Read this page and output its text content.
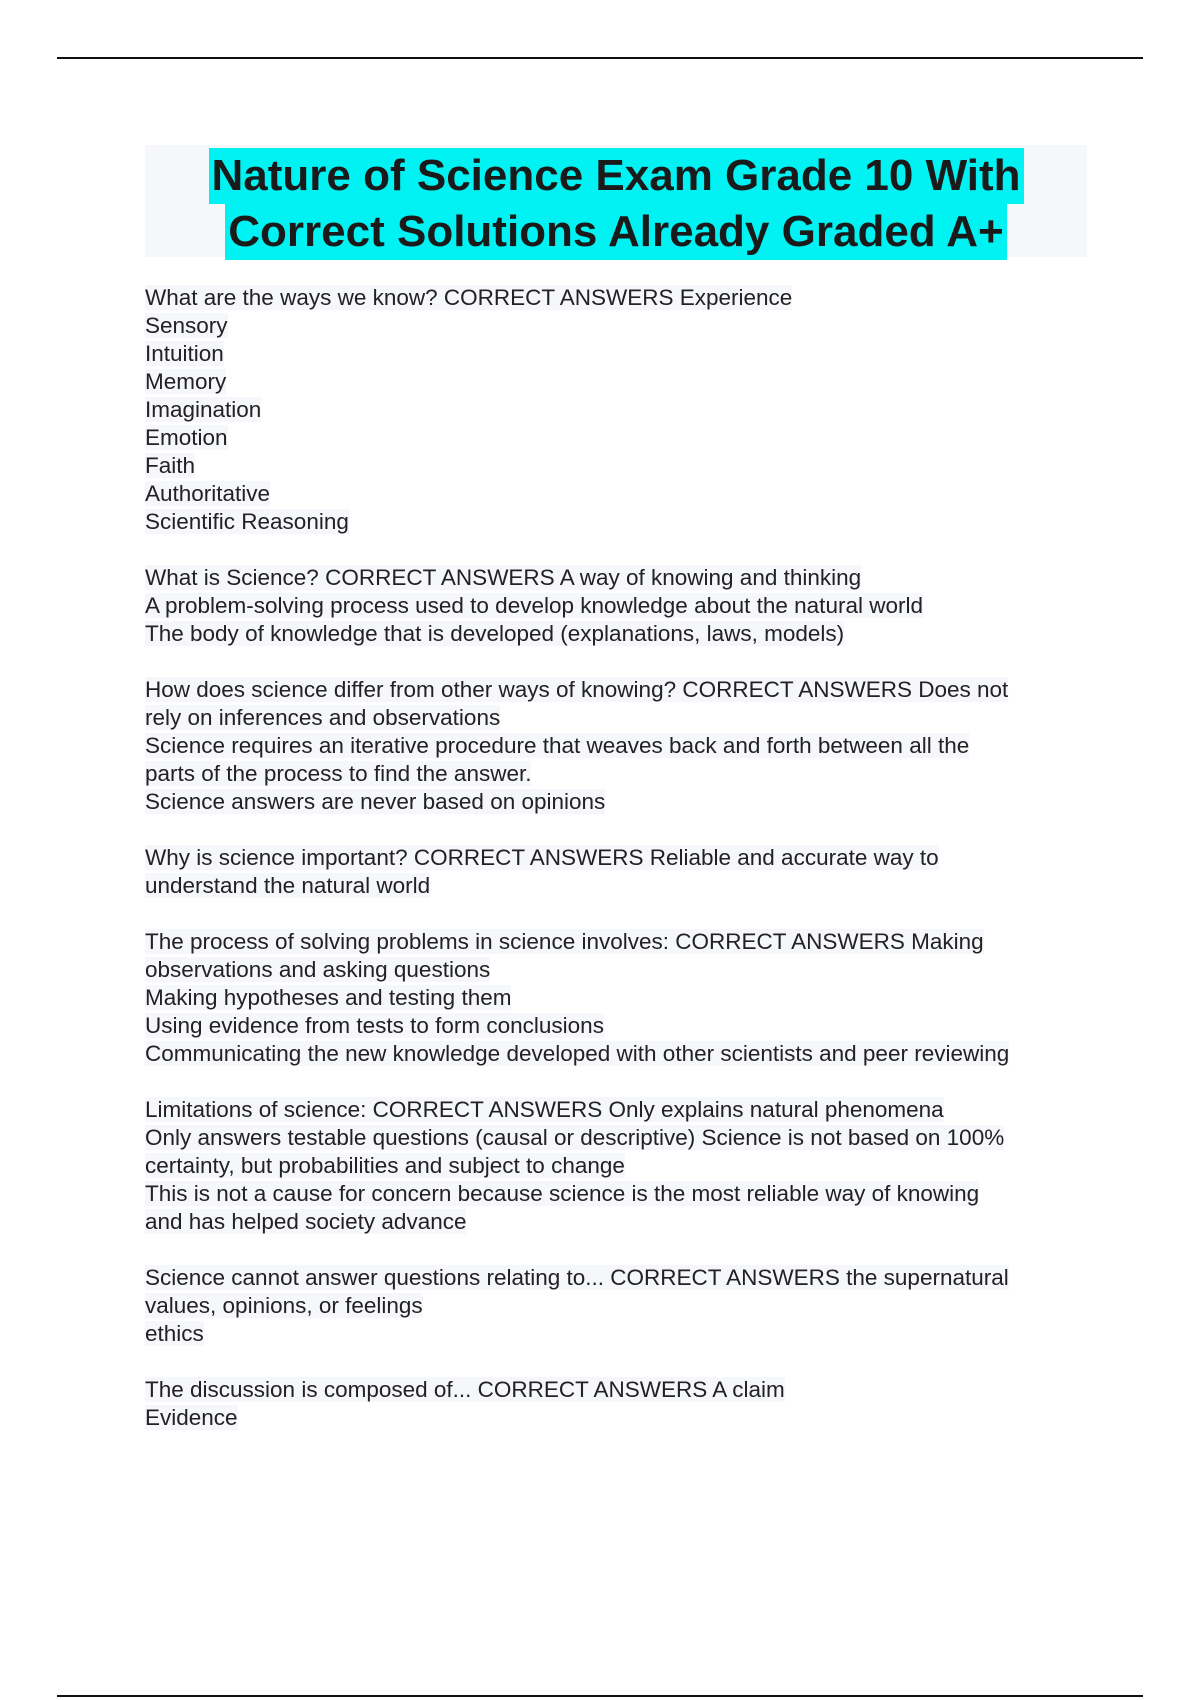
Nature of Science Exam Grade 10 With
Correct Solutions Already Graded A+
What are the ways we know? CORRECT ANSWERS Experience
Sensory
Intuition
Memory
Imagination
Emotion
Faith
Authoritative
Scientific Reasoning
What is Science? CORRECT ANSWERS A way of knowing and thinking
A problem-solving process used to develop knowledge about the natural world
The body of knowledge that is developed (explanations, laws, models)
How does science differ from other ways of knowing? CORRECT ANSWERS Does not
rely on inferences and observations
Science requires an iterative procedure that weaves back and forth between all the
parts of the process to find the answer.
Science answers are never based on opinions
Why is science important? CORRECT ANSWERS Reliable and accurate way to
understand the natural world
The process of solving problems in science involves: CORRECT ANSWERS Making
observations and asking questions
Making hypotheses and testing them
Using evidence from tests to form conclusions
Communicating the new knowledge developed with other scientists and peer reviewing
Limitations of science: CORRECT ANSWERS Only explains natural phenomena
Only answers testable questions (causal or descriptive) Science is not based on 100%
certainty, but probabilities and subject to change
This is not a cause for concern because science is the most reliable way of knowing
and has helped society advance
Science cannot answer questions relating to... CORRECT ANSWERS the supernatural
values, opinions, or feelings
ethics
The discussion is composed of... CORRECT ANSWERS A claim
Evidence
